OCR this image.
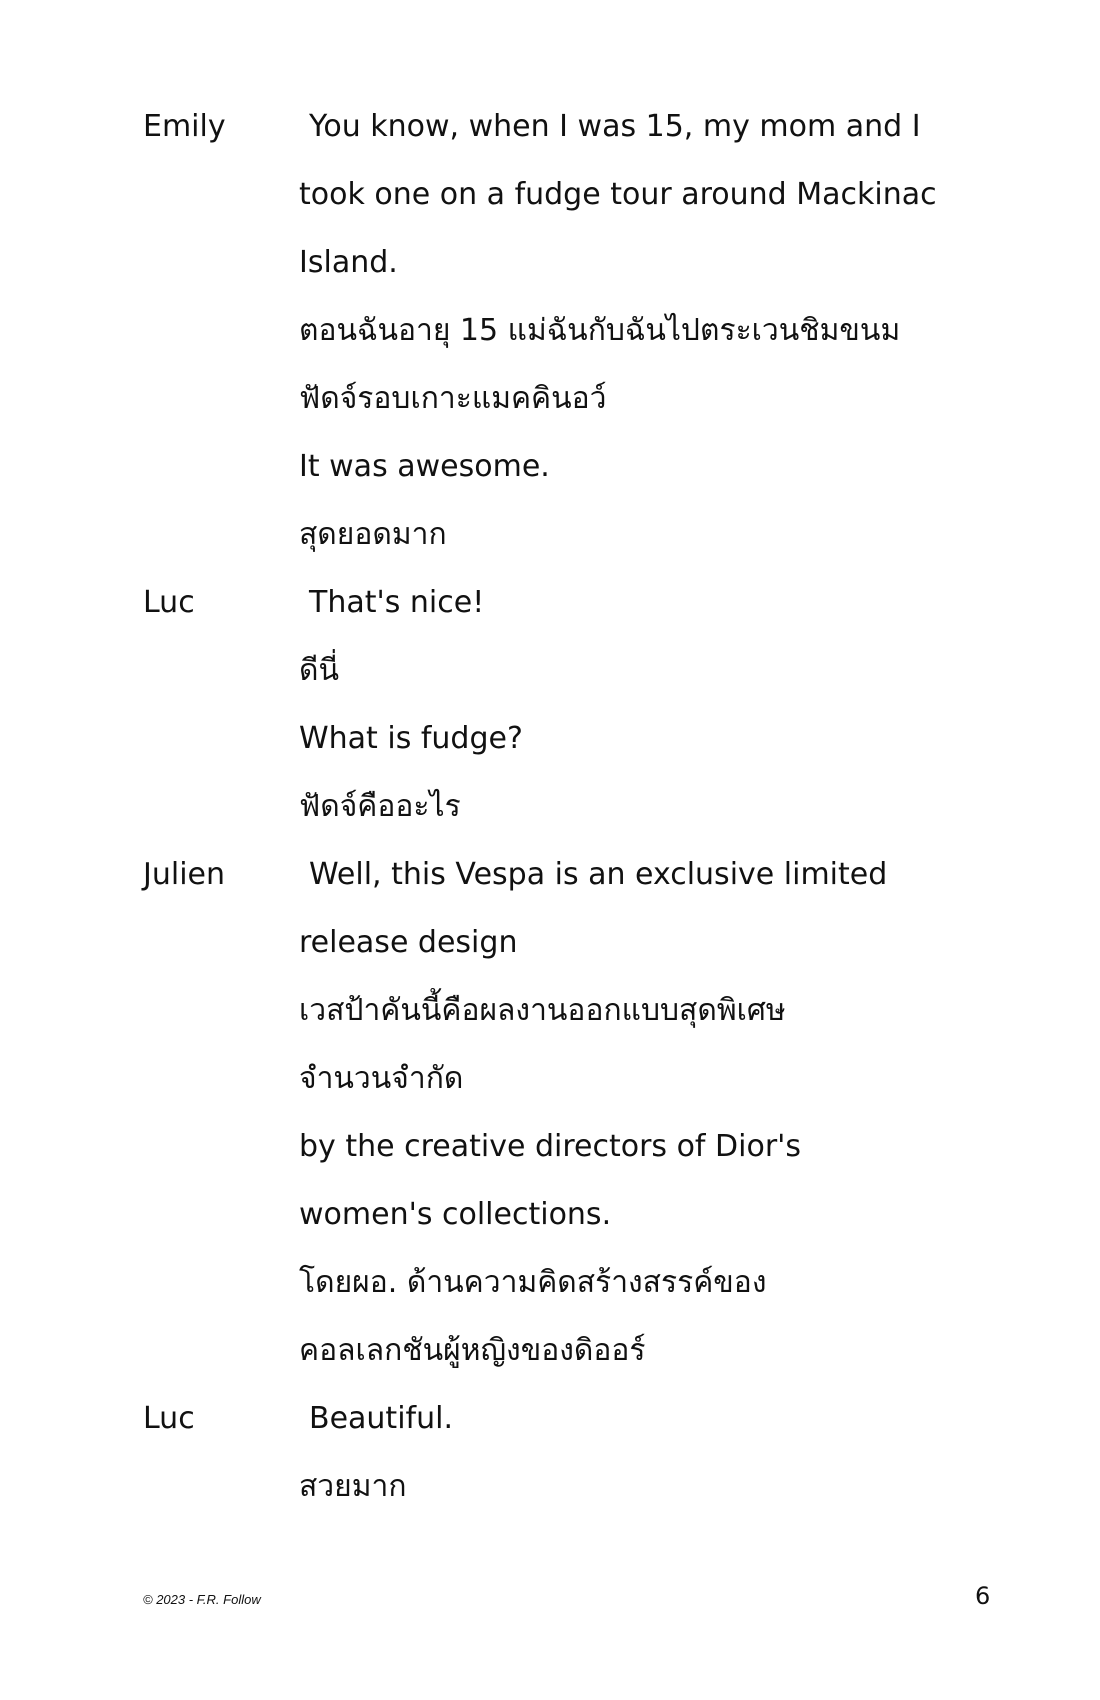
Emily	You know, when I was 15, my mom and I
took one on a fudge tour around Mackinac
Island.
ตอนฉันอายุ 15 แม่ฉันกับฉันไปตระเวนชิมขนม
ฟัดจ์รอบเกาะแมคคินอว์
It was awesome.
สุดยอดมาก
Luc	That's nice!
ดีนี่
What is fudge?
ฟัดจ์คืออะไร
Julien	Well, this Vespa is an exclusive limited
release design
เวสป้าคันนี้คือผลงานออกแบบสุดพิเศษ
จำนวนจำกัด
by the creative directors of Dior's
women's collections.
โดยผอ. ด้านความคิดสร้างสรรค์ของ
คอลเลกชันผู้หญิงของดิออร์
Luc	Beautiful.
สวยมาก
© 2023 - F.R. Follow	6
